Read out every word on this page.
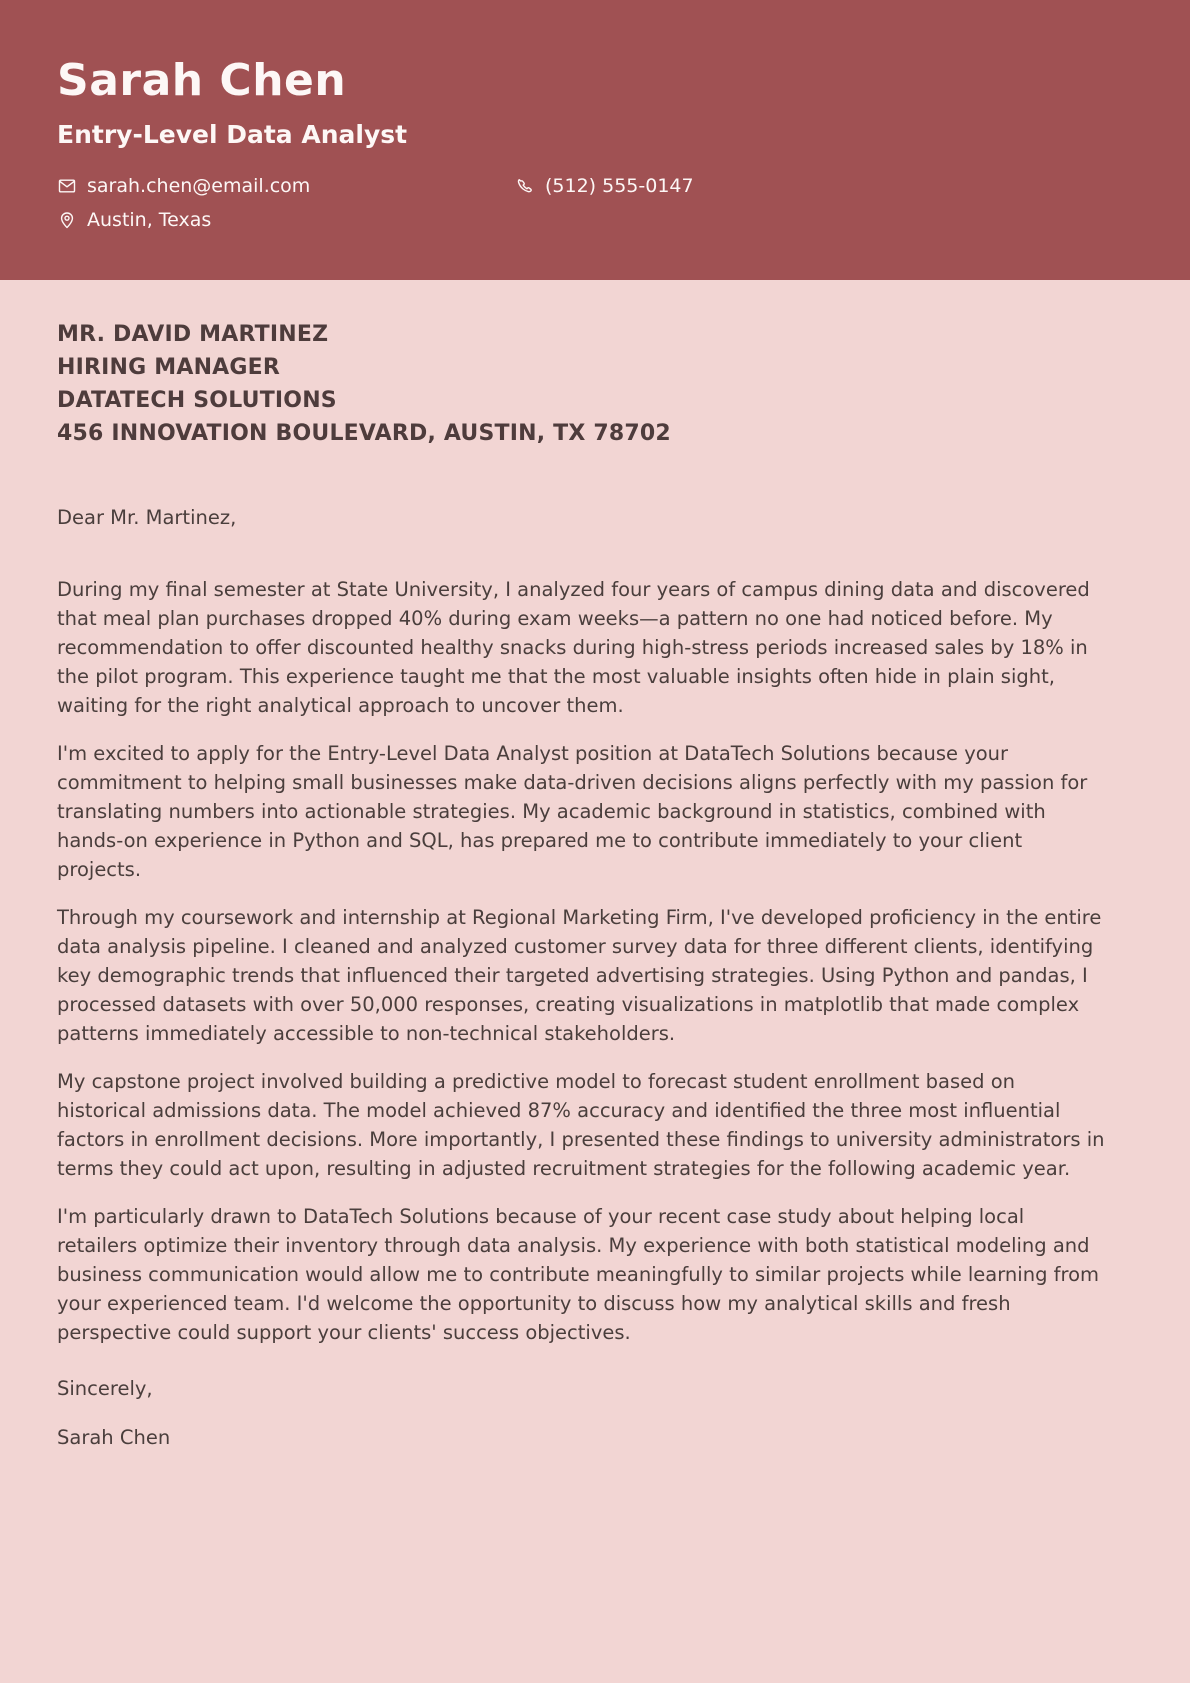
Sarah Chen
Entry-Level Data Analyst
sarah.chen@email.com	(512) 555-0147
Austin, Texas
MR. DAVID MARTINEZ
HIRING MANAGER
DATATECH SOLUTIONS
456 INNOVATION BOULEVARD, AUSTIN, TX 78702
Dear Mr. Martinez,

During my final semester at State University, I analyzed four years of campus dining data and discovered that meal plan purchases dropped 40% during exam weeks—a pattern no one had noticed before. My recommendation to offer discounted healthy snacks during high-stress periods increased sales by 18% in the pilot program. This experience taught me that the most valuable insights often hide in plain sight, waiting for the right analytical approach to uncover them.

I'm excited to apply for the Entry-Level Data Analyst position at DataTech Solutions because your commitment to helping small businesses make data-driven decisions aligns perfectly with my passion for translating numbers into actionable strategies. My academic background in statistics, combined with hands-on experience in Python and SQL, has prepared me to contribute immediately to your client projects.

Through my coursework and internship at Regional Marketing Firm, I've developed proficiency in the entire data analysis pipeline. I cleaned and analyzed customer survey data for three different clients, identifying key demographic trends that influenced their targeted advertising strategies. Using Python and pandas, I processed datasets with over 50,000 responses, creating visualizations in matplotlib that made complex patterns immediately accessible to non-technical stakeholders.

My capstone project involved building a predictive model to forecast student enrollment based on historical admissions data. The model achieved 87% accuracy and identified the three most influential factors in enrollment decisions. More importantly, I presented these findings to university administrators in terms they could act upon, resulting in adjusted recruitment strategies for the following academic year.

I'm particularly drawn to DataTech Solutions because of your recent case study about helping local retailers optimize their inventory through data analysis. My experience with both statistical modeling and business communication would allow me to contribute meaningfully to similar projects while learning from your experienced team. I'd welcome the opportunity to discuss how my analytical skills and fresh perspective could support your clients' success objectives.

Sincerely,
Sarah Chen
